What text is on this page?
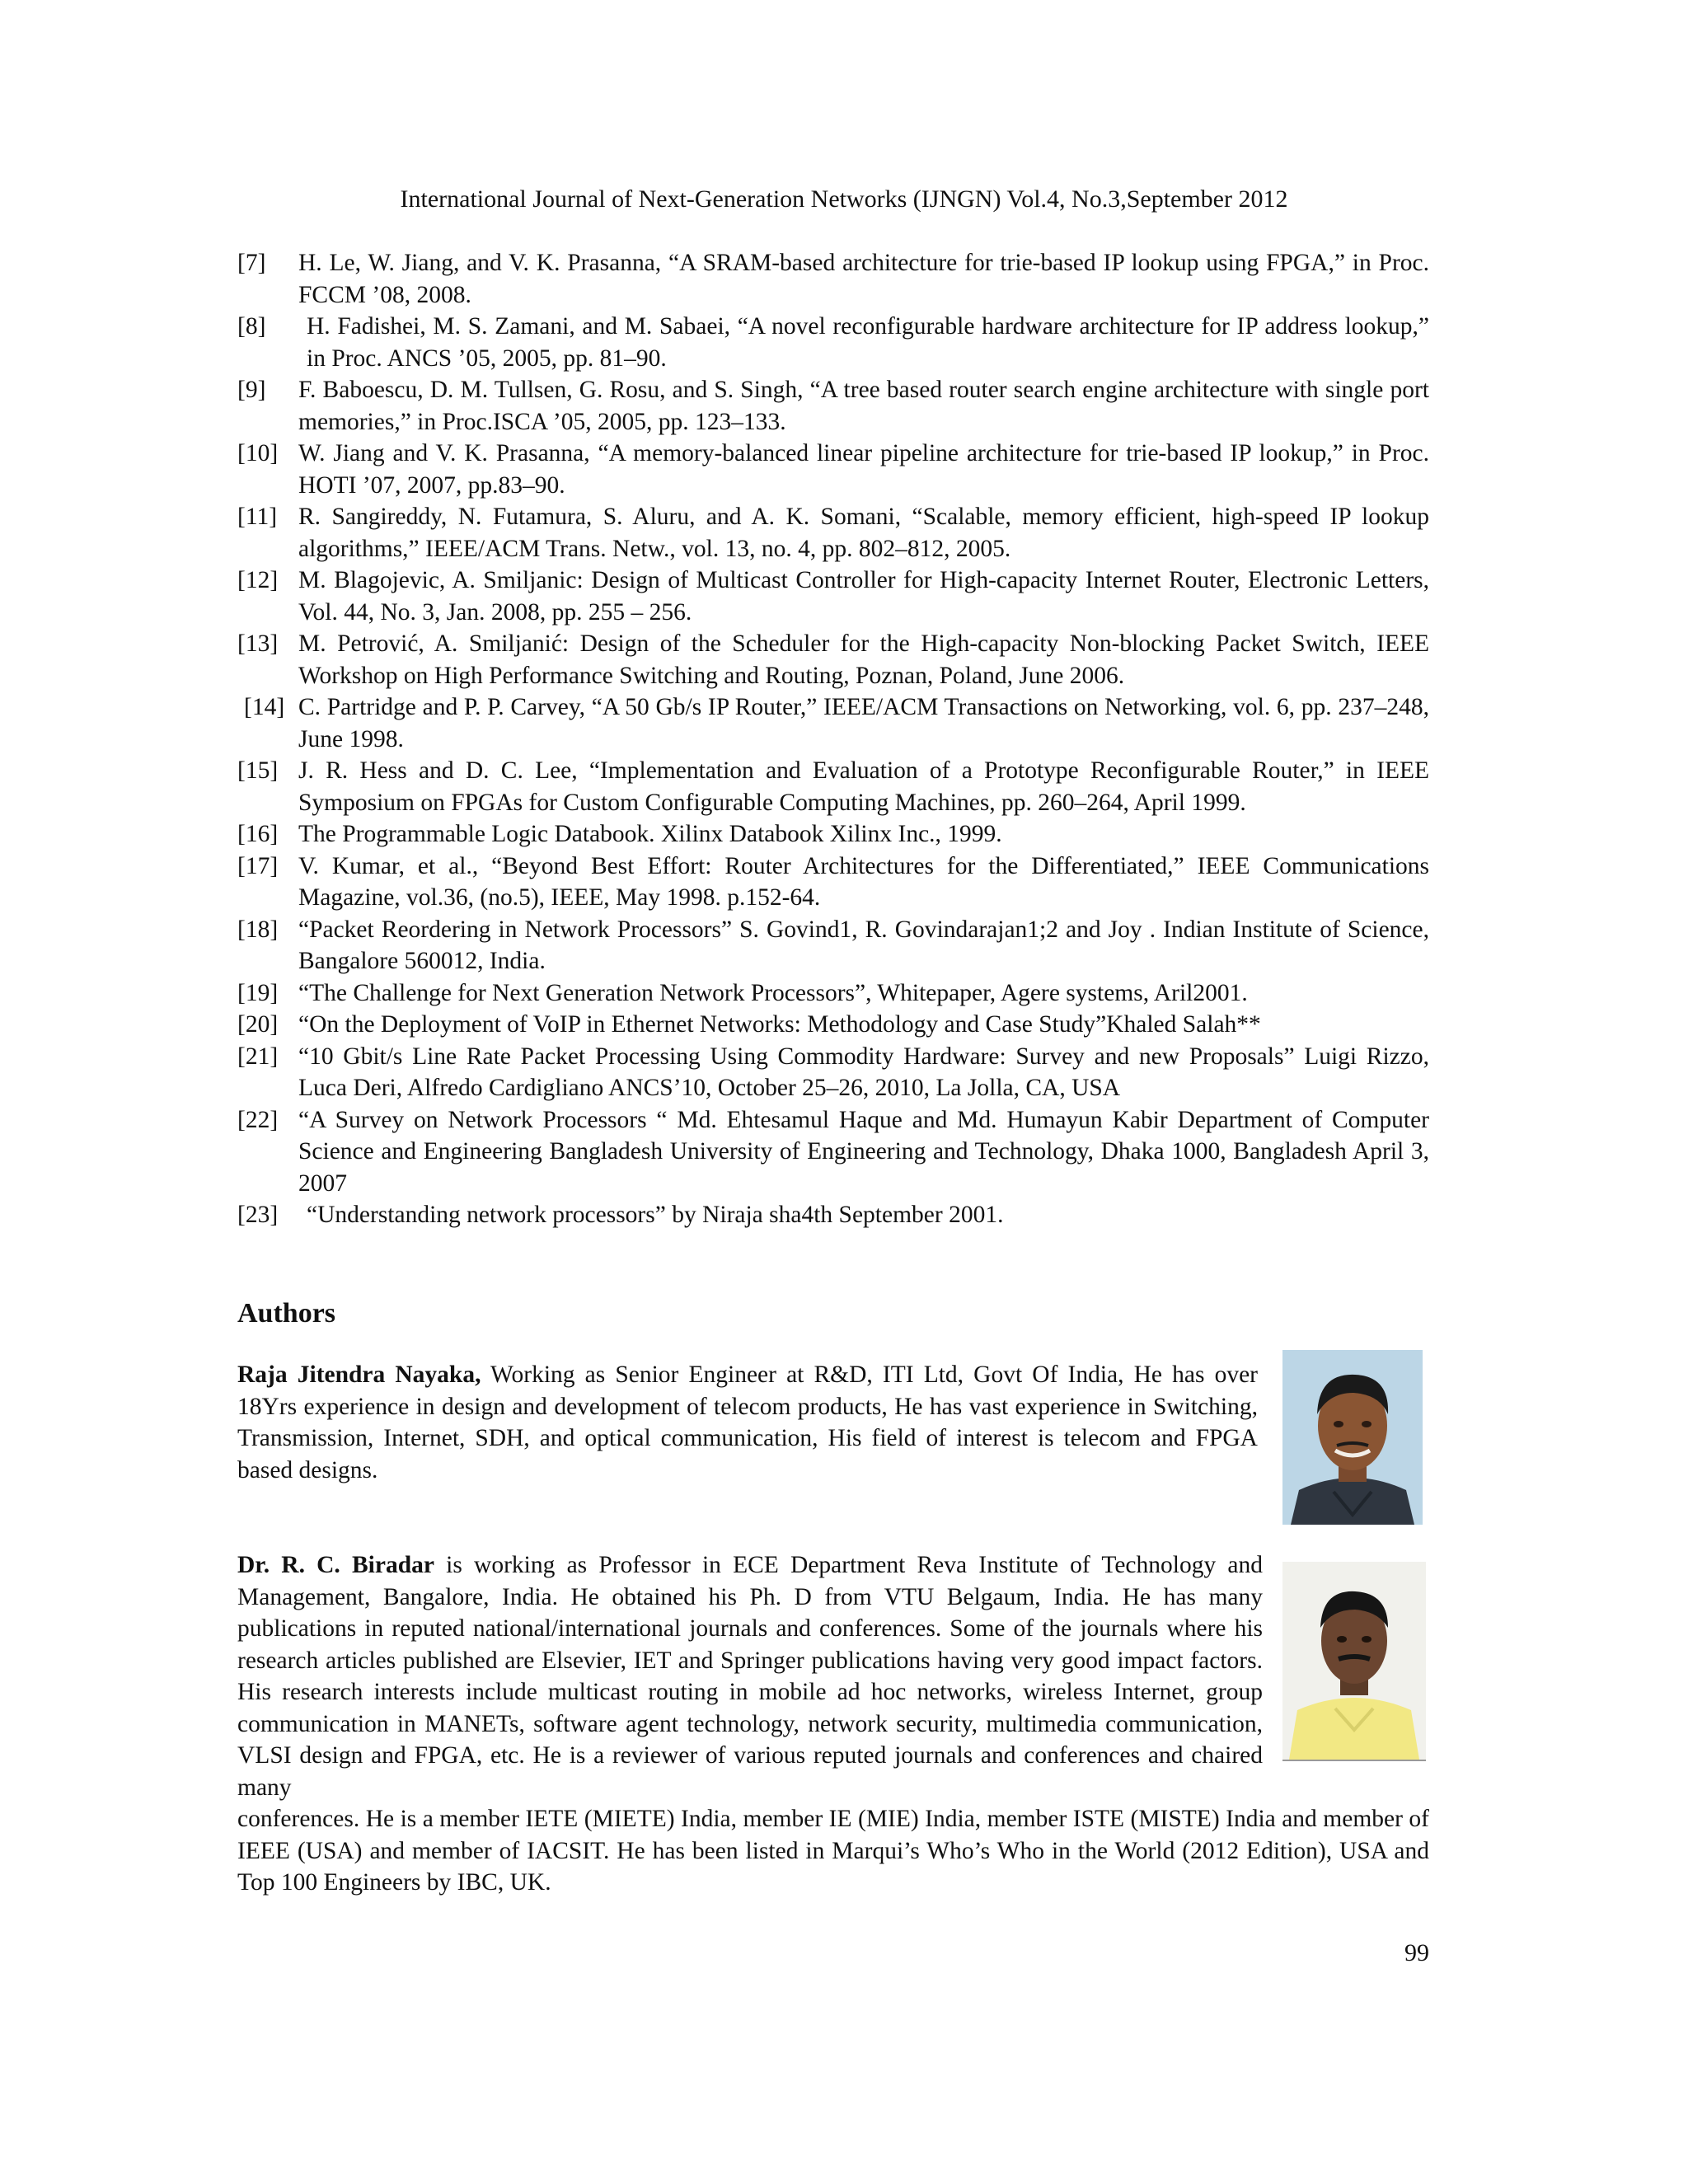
International Journal of Next-Generation Networks (IJNGN) Vol.4, No.3,September 2012
[7]	H. Le, W. Jiang, and V. K. Prasanna, “A SRAM-based architecture for trie-based IP lookup using FPGA,” in Proc. FCCM ’08, 2008.
[8]	H. Fadishei, M. S. Zamani, and M. Sabaei, “A novel reconfigurable hardware architecture for IP address lookup,” in Proc. ANCS ’05, 2005, pp. 81–90.
[9]	F. Baboescu, D. M. Tullsen, G. Rosu, and S. Singh, “A tree based router search engine architecture with single port memories,” in Proc.ISCA ’05, 2005, pp. 123–133.
[10] W. Jiang and V. K. Prasanna, “A memory-balanced linear pipeline architecture for trie-based IP lookup,” in Proc. HOTI ’07, 2007, pp.83–90.
[11] R. Sangireddy, N. Futamura, S. Aluru, and A. K. Somani, “Scalable, memory efficient, high-speed IP lookup algorithms,” IEEE/ACM Trans. Netw., vol. 13, no. 4, pp. 802–812, 2005.
[12] M. Blagojevic, A. Smiljanic: Design of Multicast Controller for High-capacity Internet Router, Electronic Letters, Vol. 44, No. 3, Jan. 2008, pp. 255 – 256.
[13] M. Petrović, A. Smiljanić: Design of the Scheduler for the High-capacity Non-blocking Packet Switch, IEEE Workshop on High Performance Switching and Routing, Poznan, Poland, June 2006.
[14] C. Partridge and P. P. Carvey, “A 50 Gb/s IP Router,” IEEE/ACM Transactions on Networking, vol. 6, pp. 237–248, June 1998.
[15] J. R. Hess and D. C. Lee, “Implementation and Evaluation of a Prototype Reconfigurable Router,” in IEEE Symposium on FPGAs for Custom Configurable Computing Machines, pp. 260–264, April 1999.
[16] The Programmable Logic Databook. Xilinx Databook Xilinx Inc., 1999.
[17] V. Kumar, et al., “Beyond Best Effort: Router Architectures for the Differentiated,” IEEE Communications Magazine, vol.36, (no.5), IEEE, May 1998. p.152-64.
[18] “Packet Reordering in Network Processors” S. Govind1, R. Govindarajan1;2 and Joy . Indian Institute of Science, Bangalore 560012, India.
[19] “The Challenge for Next Generation Network Processors”, Whitepaper, Agere systems, Aril2001.
[20] “On the Deployment of VoIP in Ethernet Networks: Methodology and Case Study”Khaled Salah**
[21] “10 Gbit/s Line Rate Packet Processing Using Commodity Hardware: Survey and new Proposals” Luigi Rizzo, Luca Deri, Alfredo Cardigliano ANCS’10, October 25–26, 2010, La Jolla, CA, USA
[22] “A Survey on Network Processors “ Md. Ehtesamul Haque and Md. Humayun Kabir Department of Computer Science and Engineering Bangladesh University of Engineering and Technology, Dhaka 1000, Bangladesh April 3, 2007
[23]	“Understanding network processors” by Niraja sha4th September 2001.
Authors

Raja Jitendra Nayaka, Working as Senior Engineer at R&D, ITI Ltd, Govt Of India, He has over 18Yrs experience in design and development of telecom products, He has vast experience in Switching, Transmission, Internet, SDH, and optical communication, His field of interest is telecom and FPGA based designs.

Dr. R. C. Biradar is working as Professor in ECE Department Reva Institute of Technology and Management, Bangalore, India. He obtained his Ph. D from VTU Belgaum, India. He has many publications in reputed national/international journals and conferences. Some of the journals where his research articles published are Elsevier, IET and Springer publications having very good impact factors. His research interests include multicast routing in mobile ad hoc networks, wireless Internet, group communication in MANETs, software agent technology, network security, multimedia communication, VLSI design and FPGA, etc. He is a reviewer of various reputed journals and conferences and chaired many

conferences. He is a member IETE (MIETE) India, member IE (MIE) India, member ISTE (MISTE) India and member of IEEE (USA) and member of IACSIT. He has been listed in Marqui’s Who’s Who in the World (2012 Edition), USA and Top 100 Engineers by IBC, UK.

99
